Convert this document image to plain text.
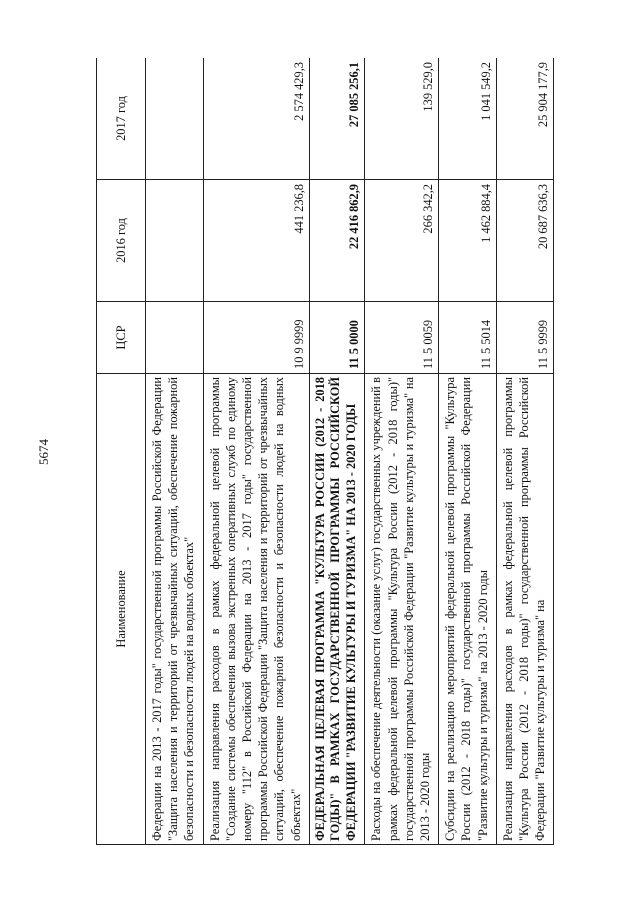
5674
Наименование	ЦСР	2016 год	2017 год
Федерации на 2013 - 2017 годы" государственной программы Российской Федерации "Защита населения и территорий от чрезвычайных ситуаций, обеспечение пожарной безопасности и безопасности людей на водных объектах"			
Реализация направления расходов в рамках федеральной целевой программы "Создание системы обеспечения вызова экстренных оперативных служб по единому номеру "112" в Российской Федерации на 2013 - 2017 годы" государственной программы Российской Федерации "Защита населения и территорий от чрезвычайных ситуаций, обеспечение пожарной безопасности и безопасности людей на водных объектах"	10 9 9999	441 236,8	2 574 429,3
ФЕДЕРАЛЬНАЯ ЦЕЛЕВАЯ ПРОГРАММА "КУЛЬТУРА РОССИИ (2012 - 2018 ГОДЫ)" В РАМКАХ ГОСУДАРСТВЕННОЙ ПРОГРАММЫ РОССИЙСКОЙ ФЕДЕРАЦИИ "РАЗВИТИЕ КУЛЬТУРЫ И ТУРИЗМА" НА 2013 - 2020 ГОДЫ	11 5 0000	22 416 862,9	27 085 256,1
Расходы на обеспечение деятельности (оказание услуг) государственных учреждений в рамках федеральной целевой программы "Культура России (2012 - 2018 годы)" государственной программы Российской Федерации "Развитие культуры и туризма" на 2013 - 2020 годы	11 5 0059	266 342,2	139 529,0
Субсидии на реализацию мероприятий федеральной целевой программы "Культура России (2012 - 2018 годы)" государственной программы Российской Федерации "Развитие культуры и туризма" на 2013 - 2020 годы	11 5 5014	1 462 884,4	1 041 549,2
Реализация направления расходов в рамках федеральной целевой программы "Культура России (2012 - 2018 годы)" государственной программы Российской Федерации "Развитие культуры и туризма" на	11 5 9999	20 687 636,3	25 904 177,9
